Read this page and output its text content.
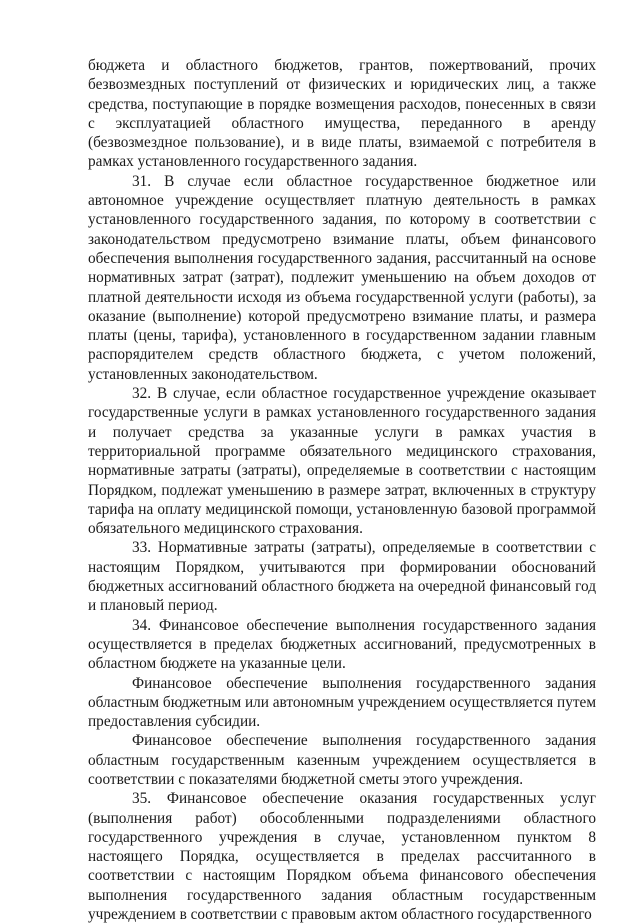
бюджета и областного бюджетов, грантов, пожертвований, прочих безвозмездных поступлений от физических и юридических лиц, а также средства, поступающие в порядке возмещения расходов, понесенных в связи с эксплуатацией областного имущества, переданного в аренду (безвозмездное пользование), и в виде платы, взимаемой с потребителя в рамках установленного государственного задания.

31. В случае если областное государственное бюджетное или автономное учреждение осуществляет платную деятельность в рамках установленного государственного задания, по которому в соответствии с законодательством предусмотрено взимание платы, объем финансового обеспечения выполнения государственного задания, рассчитанный на основе нормативных затрат (затрат), подлежит уменьшению на объем доходов от платной деятельности исходя из объема государственной услуги (работы), за оказание (выполнение) которой предусмотрено взимание платы, и размера платы (цены, тарифа), установленного в государственном задании главным распорядителем средств областного бюджета, с учетом положений, установленных законодательством.

32. В случае, если областное государственное учреждение оказывает государственные услуги в рамках установленного государственного задания и получает средства за указанные услуги в рамках участия в территориальной программе обязательного медицинского страхования, нормативные затраты (затраты), определяемые в соответствии с настоящим Порядком, подлежат уменьшению в размере затрат, включенных в структуру тарифа на оплату медицинской помощи, установленную базовой программой обязательного медицинского страхования.

33. Нормативные затраты (затраты), определяемые в соответствии с настоящим Порядком, учитываются при формировании обоснований бюджетных ассигнований областного бюджета на очередной финансовый год и плановый период.

34. Финансовое обеспечение выполнения государственного задания осуществляется в пределах бюджетных ассигнований, предусмотренных в областном бюджете на указанные цели.

Финансовое обеспечение выполнения государственного задания областным бюджетным или автономным учреждением осуществляется путем предоставления субсидии.

Финансовое обеспечение выполнения государственного задания областным государственным казенным учреждением осуществляется в соответствии с показателями бюджетной сметы этого учреждения.

35. Финансовое обеспечение оказания государственных услуг (выполнения работ) обособленными подразделениями областного государственного учреждения в случае, установленном пунктом 8 настоящего Порядка, осуществляется в пределах рассчитанного в соответствии с настоящим Порядком объема финансового обеспечения выполнения государственного задания областным государственным учреждением в соответствии с правовым актом областного государственного
